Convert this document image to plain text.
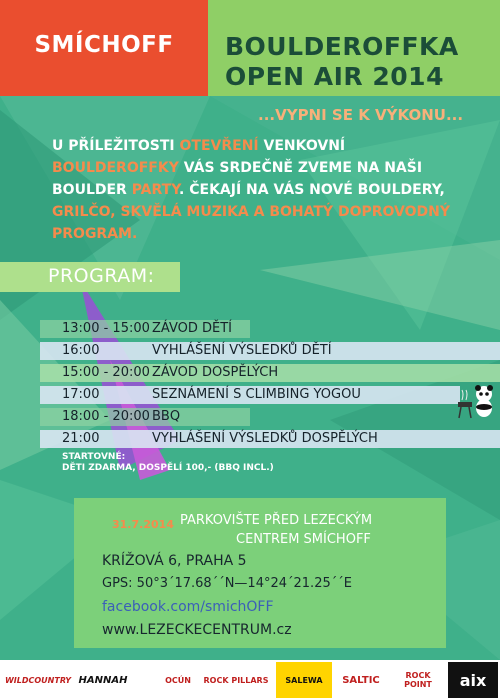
SMÍCHOFF	BOULDEROFFKA
OPEN AIR 2014
...VYPNI SE K VÝKONU...
U PŘÍLEŽITOSTI OTEVŘENÍ VENKOVNÍ BOULDEROFFKY VÁS SRDEČNĚ ZVEME NA NAŠI BOULDER PARTY. ČEKAJÍ NA VÁS NOVÉ BOULDERY, GRILČO, SKVĚLÁ MUZIKA A BOHATÝ DOPROVODNÝ PROGRAM.
PROGRAM:
13:00 - 15:00 ZÁVOD DĚTÍ
16:00	VYHLÁŠENÍ VÝSLEDKŮ DĚTÍ
15:00 - 20:00 ZÁVOD DOSPĚLÝCH
17:00	SEZNÁMENÍ S CLIMBING YOGOU
18:00 - 20:00 BBQ
21:00	VYHLÁŠENÍ VÝSLEDKŮ DOSPĚLÝCH
STARTOVNÉ:
DĚTI ZDARMA, DOSPĚLÍ 100,- (BBQ INCL.)
31.7.2014 PARKOVIŠTE PŘED LEZECKÝM
CENTREM SMÍCHOFF
KRÍŽOVÁ 6, PRAHA 5
GPS: 50°3´17.68´´N—14°24´21.25´´E
facebook.com/smichOFF
www.LEZECKECENTRUM.cz
WILDCOUNTRY HANNAH	OCÚN	ROCK PILLARS	SALEWA	SALTIC	ROCK POINT	aix
